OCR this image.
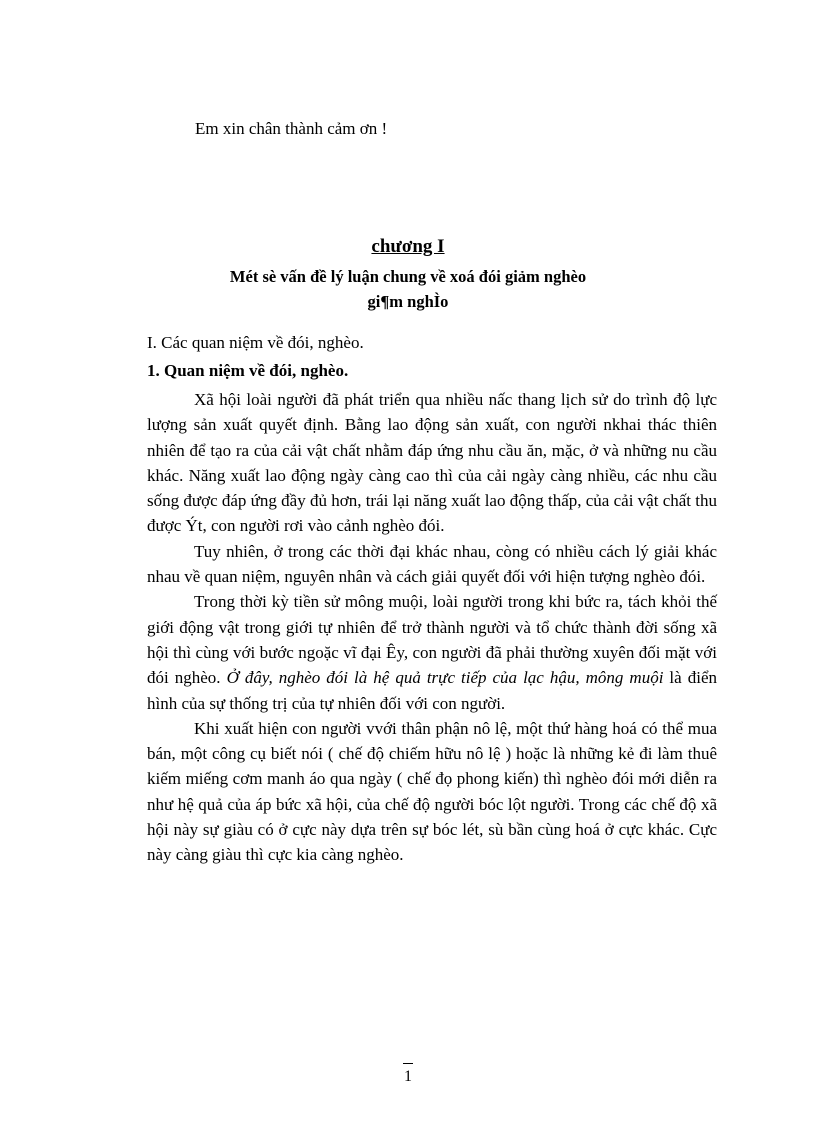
Em xin chân thành cảm ơn !
chương I
Mét sè vấn đề lý luận chung về xoá đói giảm nghèo
gi¶m nghÌo
I. Các quan niệm về đói, nghèo.
1. Quan niệm về đói, nghèo.

Xã hội loài người đã phát triển qua nhiều nấc thang lịch sử do trình độ lực lượng sản xuất quyết định. Bằng lao động sản xuất, con người nkhai thác thiên nhiên để tạo ra của cải vật chất nhằm đáp ứng nhu cầu ăn, mặc, ở và những nu cầu khác. Năng xuất lao động ngày càng cao thì của cải ngày càng nhiều, các nhu cầu sống được đáp ứng đầy đủ hơn, trái lại năng xuất lao động thấp, của cải vật chất thu được Ýt, con người rơi vào cảnh nghèo đói.

Tuy nhiên, ở trong các thời đại khác nhau, còng có nhiều cách lý giải khác nhau về quan niệm, nguyên nhân và cách giải quyết đối với hiện tượng nghèo đói.

Trong thời kỳ tiền sử mông muội, loài người trong khi bức ra, tách khỏi thế giới động vật trong giới tự nhiên để trở thành người và tổ chức thành đời sống xã hội thì cùng với bước ngoặc vĩ đại Êy, con người đã phải thường xuyên đối mặt với đói nghèo. Ở đây, nghèo đói là hệ quả trực tiếp của lạc hậu, mông muội là điển hình của sự thống trị của tự nhiên đối với con người.

Khi xuất hiện con người vvới thân phận nô lệ, một thứ hàng hoá có thể mua bán, một công cụ biết nói ( chế độ chiếm hữu nô lệ ) hoặc là những kẻ đi làm thuê kiếm miếng cơm manh áo qua ngày ( chế đọ phong kiến) thì nghèo đói mới diễn ra như hệ quả của áp bức xã hội, của chế độ người bóc lột người. Trong các chế độ xã hội này sự giàu có ở cực này dựa trên sự bóc lét, sù bần cùng hoá ở cực khác. Cực này càng giàu thì cực kia càng nghèo.

1
